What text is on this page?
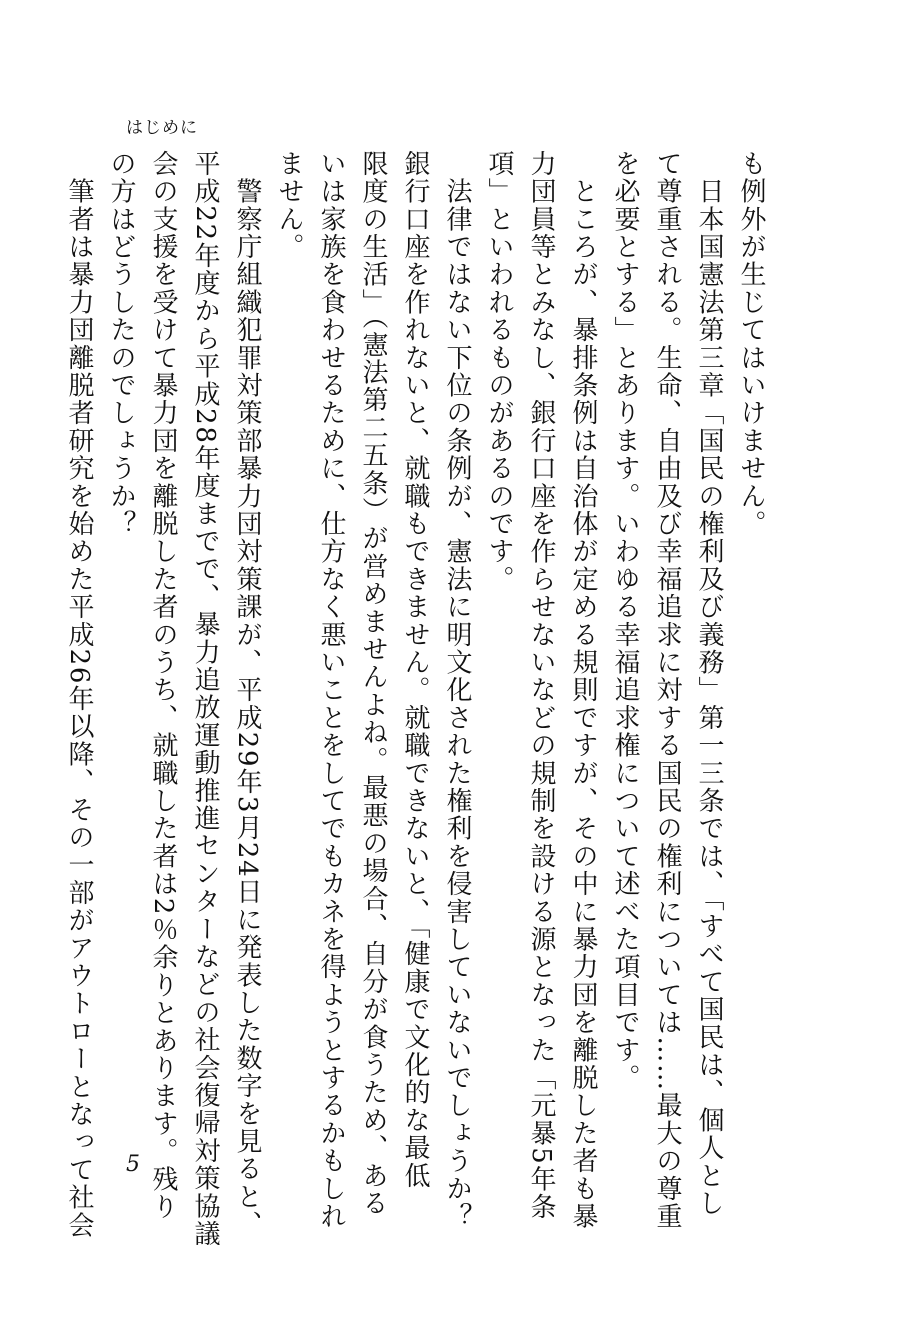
はじめに
も例外が生じてはいけません。
　日本国憲法第三章「国民の権利及び義務」第一三条では、「すべて国民は、個人とし
て尊重される。生命、自由及び幸福追求に対する国民の権利については……最大の尊重
を必要とする」とあります。いわゆる幸福追求権について述べた項目です。
　ところが、暴排条例は自治体が定める規則ですが、その中に暴力団を離脱した者も暴
力団員等とみなし、銀行口座を作らせないなどの規制を設ける源となった「元暴5年条
項」といわれるものがあるのです。
　法律ではない下位の条例が、憲法に明文化された権利を侵害していないでしょうか？
銀行口座を作れないと、就職もできません。就職できないと、「健康で文化的な最低
限度の生活」（憲法第二五条）が営めませんよね。最悪の場合、自分が食うため、ある
いは家族を食わせるために、仕方なく悪いことをしてでもカネを得ようとするかもしれ
ません。
　警察庁組織犯罪対策部暴力団対策課が、平成29年3月24日に発表した数字を見ると、
平成22年度から平成28年度までで、暴力追放運動推進センターなどの社会復帰対策協議
会の支援を受けて暴力団を離脱した者のうち、就職した者は2％余りとあります。残り
の方はどうしたのでしょうか？
　筆者は暴力団離脱者研究を始めた平成26年以降、その一部がアウトローとなって社会 5
